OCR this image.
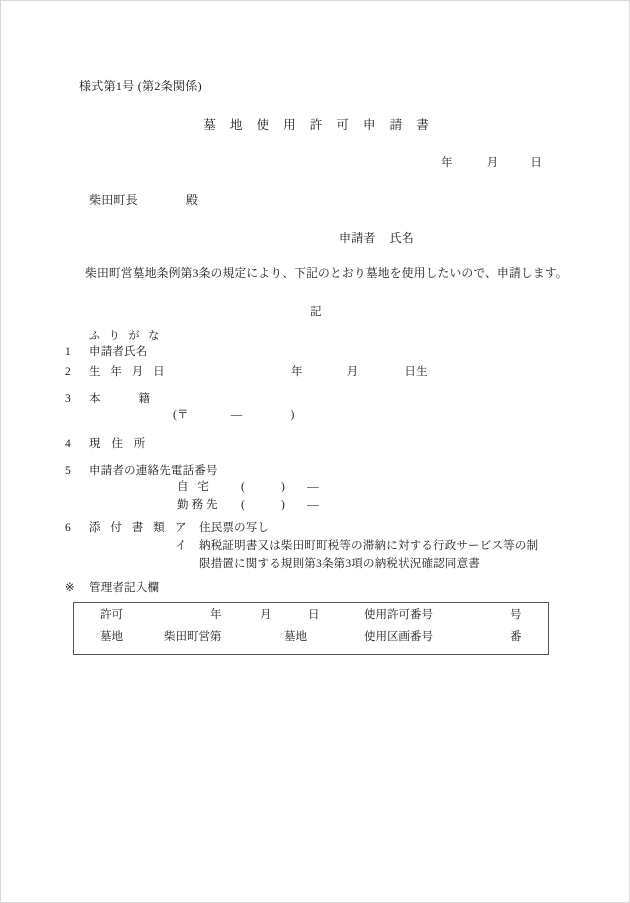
様式第1号 (第2条関係)
墓 地 使 用 許 可 申 請 書
年	月	日
柴田町長	殿
申請者 氏名
柴田町営墓地条例第3条の規定により、下記のとおり墓地を使用したいので、申請します。
記
ふ り が な
1 申請者氏名
2 生 年 月 日	年	月	日生
3 本	籍
(〒	—	)
4 現 住 所
5 申請者の連絡先電話番号
自 宅	(	) —
勤務先 (	) —
6 添 付 書 類 ア 住民票の写し
イ 納税証明書又は柴田町町税等の滞納に対する行政サービス等の制
限措置に関する規則第3条第3項の納税状況確認同意書
※ 管理者記入欄
許可	年	月	日	使用許可番号	号
墓地	柴田町営第	墓地	使用区画番号	番
